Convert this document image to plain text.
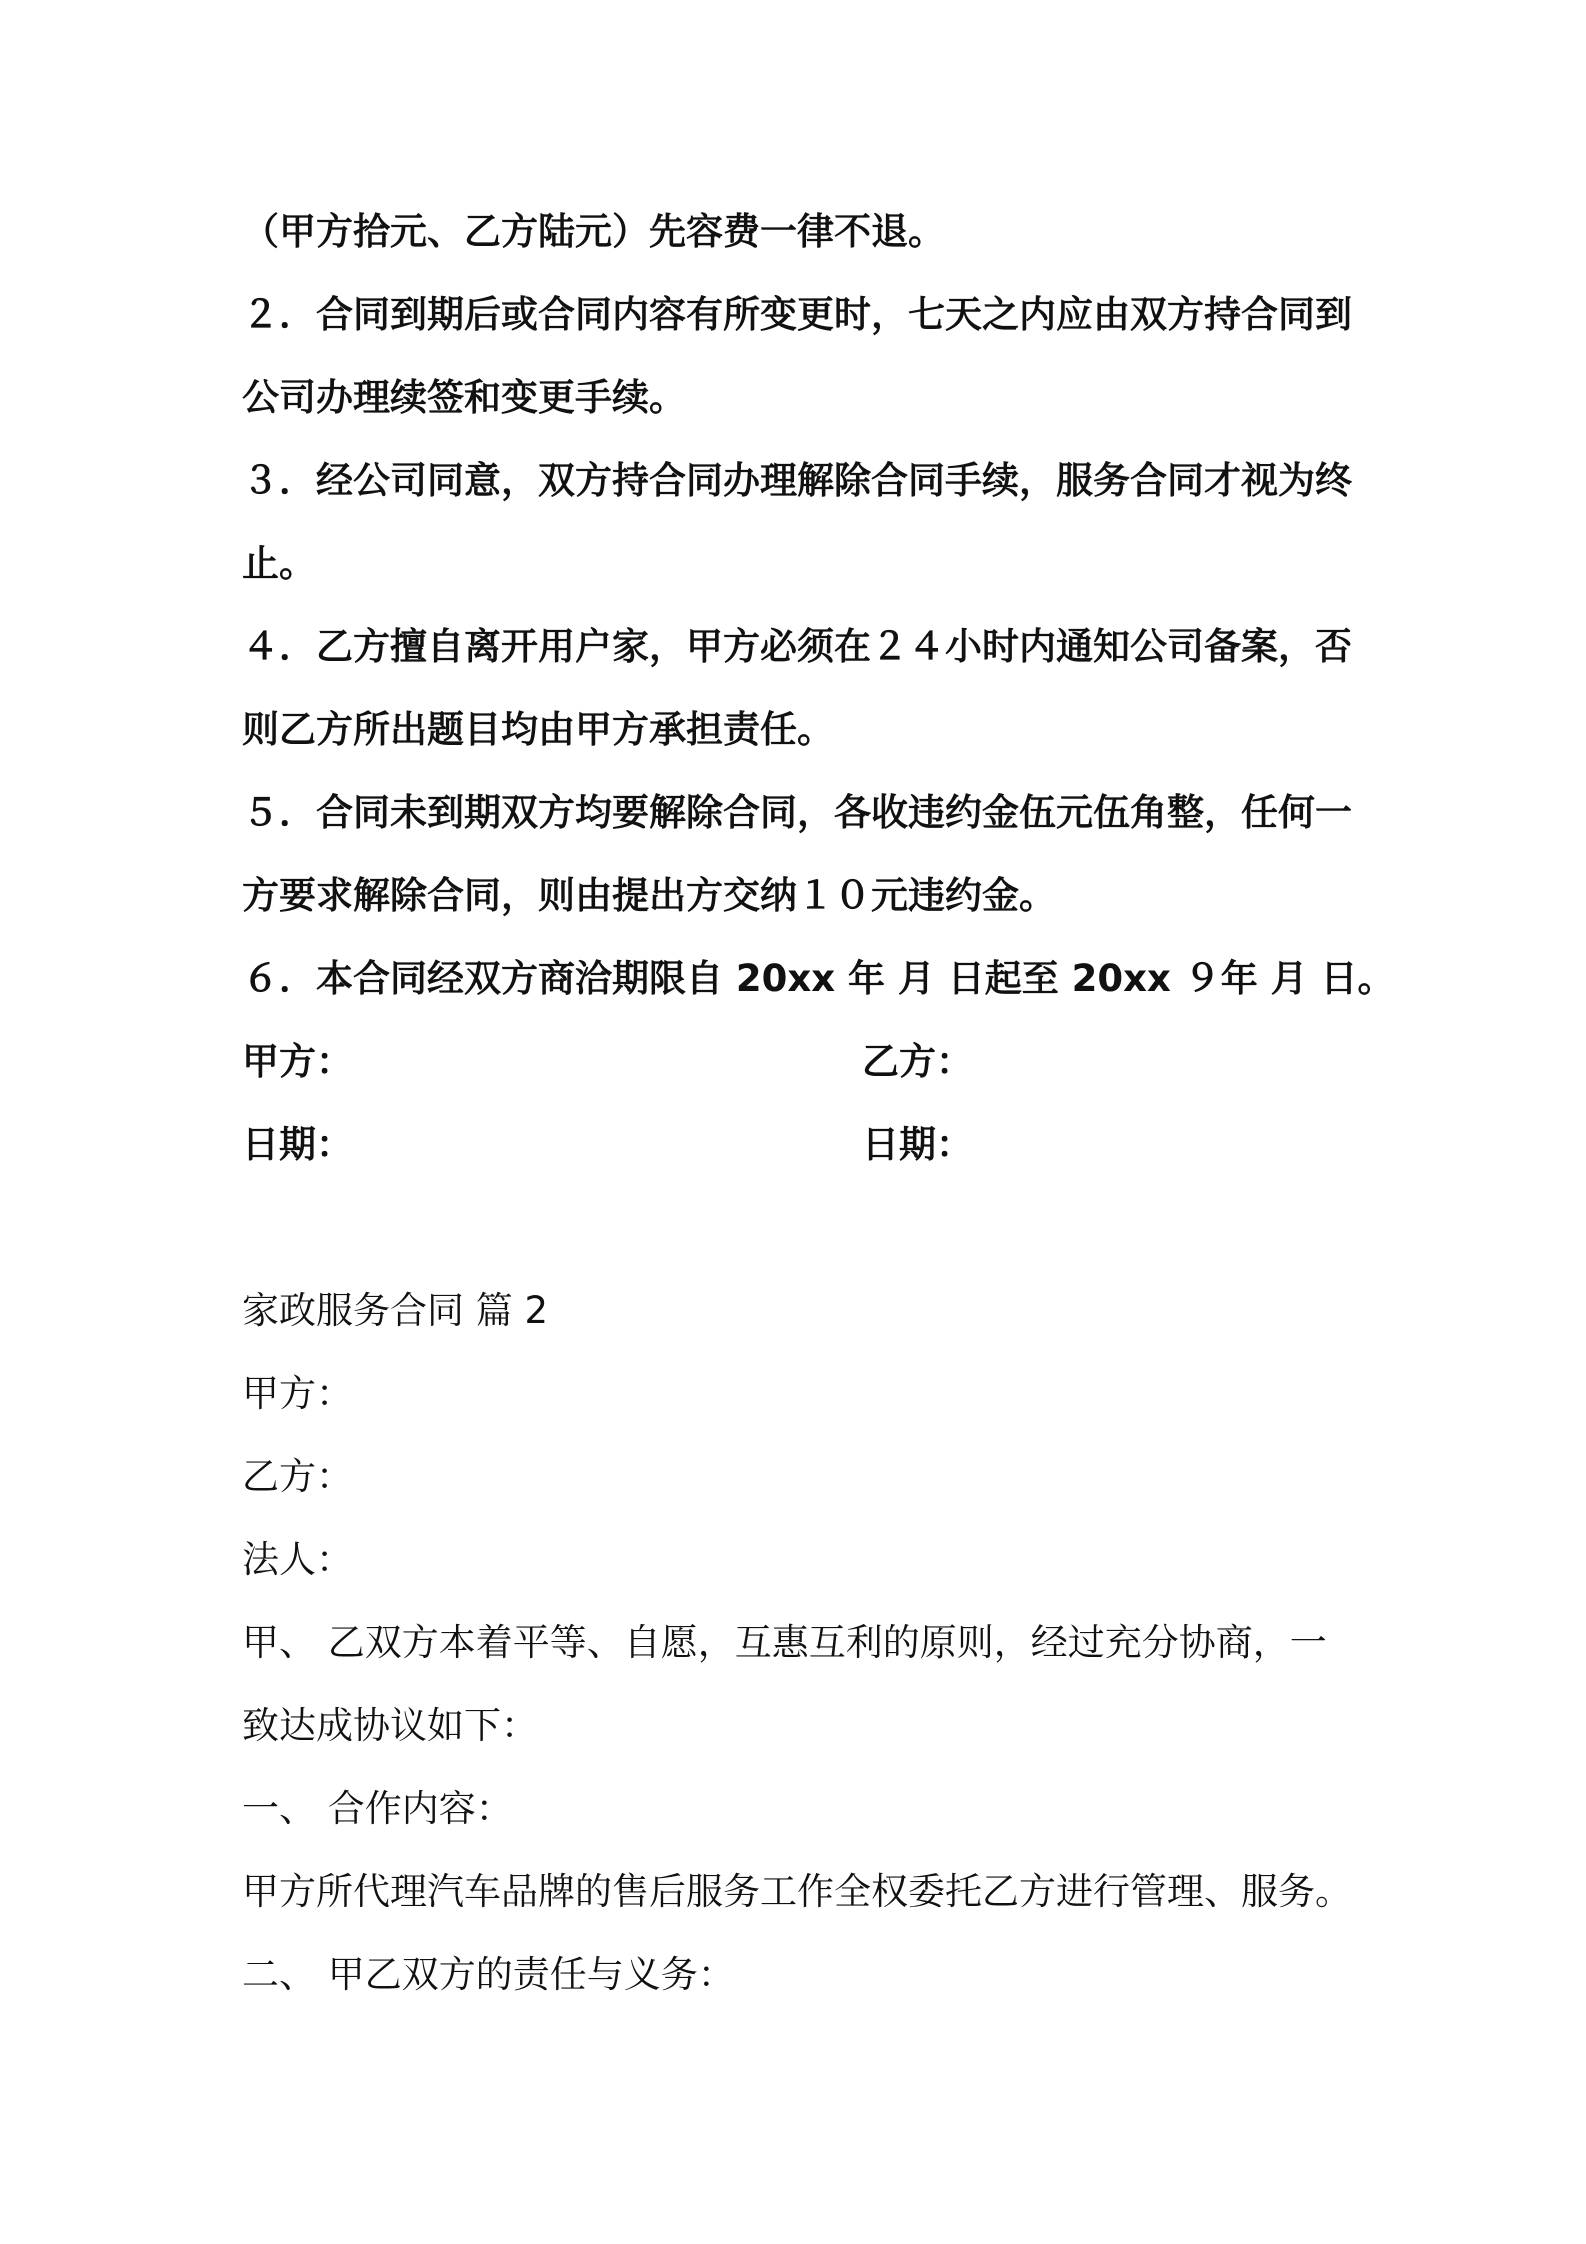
（甲方拾元、乙方陆元）先容费一律不退。
２．合同到期后或合同内容有所变更时，七天之内应由双方持合同到
公司办理续签和变更手续。
３．经公司同意，双方持合同办理解除合同手续，服务合同才视为终
止。
４．乙方擅自离开用户家，甲方必须在２４小时内通知公司备案，否
则乙方所出题目均由甲方承担责任。
５．合同未到期双方均要解除合同，各收违约金伍元伍角整，任何一
方要求解除合同，则由提出方交纳１０元违约金。
６．本合同经双方商洽期限自 20xx 年 月 日起至 20xx ９年 月 日。
甲方：	乙方：
日期：	日期：
家政服务合同 篇 2
甲方：
乙方：
法人：
甲、 乙双方本着平等、自愿，互惠互利的原则，经过充分协商，一
致达成协议如下：
一、 合作内容：
甲方所代理汽车品牌的售后服务工作全权委托乙方进行管理、服务。
二、 甲乙双方的责任与义务：
